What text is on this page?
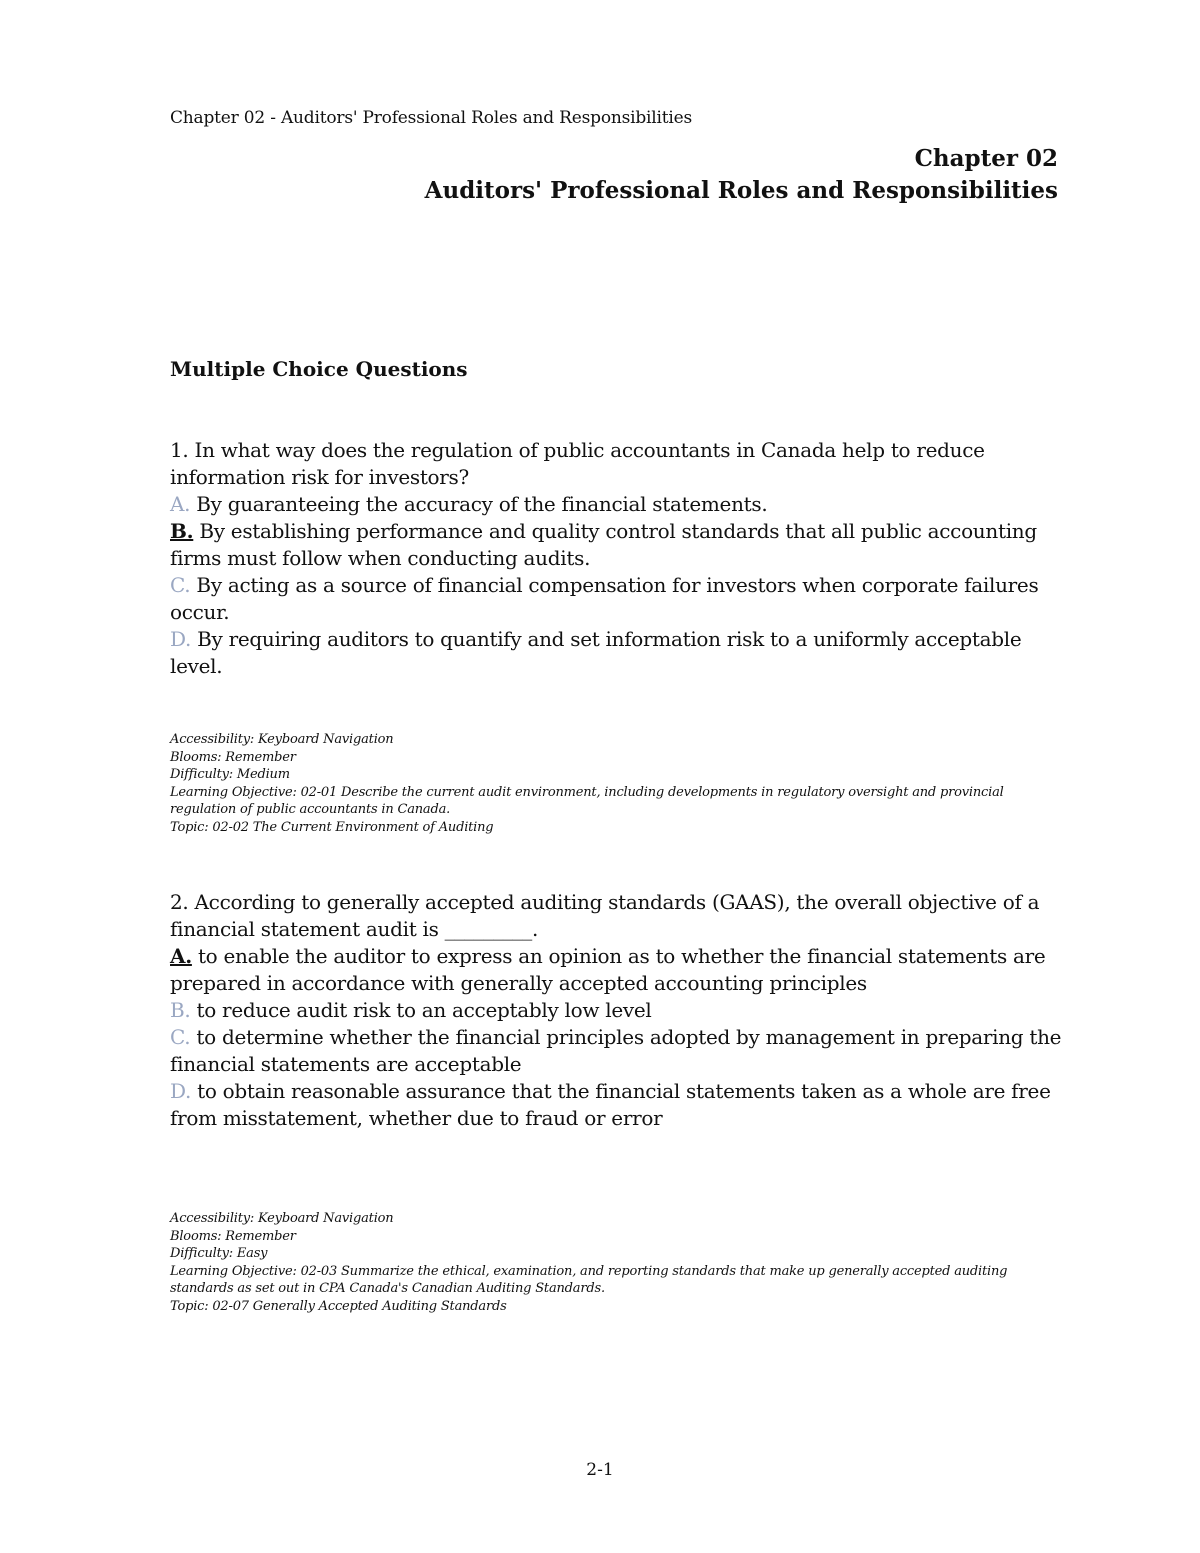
Chapter 02 - Auditors' Professional Roles and Responsibilities
Chapter 02
Auditors' Professional Roles and Responsibilities
Multiple Choice Questions

1. In what way does the regulation of public accountants in Canada help to reduce information risk for investors?

A. By guaranteeing the accuracy of the financial statements.

B. By establishing performance and quality control standards that all public accounting firms must follow when conducting audits.

C. By acting as a source of financial compensation for investors when corporate failures occur.

D. By requiring auditors to quantify and set information risk to a uniformly acceptable level.

Accessibility: Keyboard Navigation
Blooms: Remember
Difficulty: Medium
Learning Objective: 02-01 Describe the current audit environment, including developments in regulatory oversight and provincial regulation of public accountants in Canada.
Topic: 02-02 The Current Environment of Auditing

2. According to generally accepted auditing standards (GAAS), the overall objective of a financial statement audit is _________.

A. to enable the auditor to express an opinion as to whether the financial statements are prepared in accordance with generally accepted accounting principles

B. to reduce audit risk to an acceptably low level

C. to determine whether the financial principles adopted by management in preparing the financial statements are acceptable

D. to obtain reasonable assurance that the financial statements taken as a whole are free from misstatement, whether due to fraud or error

Accessibility: Keyboard Navigation
Blooms: Remember
Difficulty: Easy
Learning Objective: 02-03 Summarize the ethical, examination, and reporting standards that make up generally accepted auditing standards as set out in CPA Canada's Canadian Auditing Standards.
Topic: 02-07 Generally Accepted Auditing Standards
2-1
